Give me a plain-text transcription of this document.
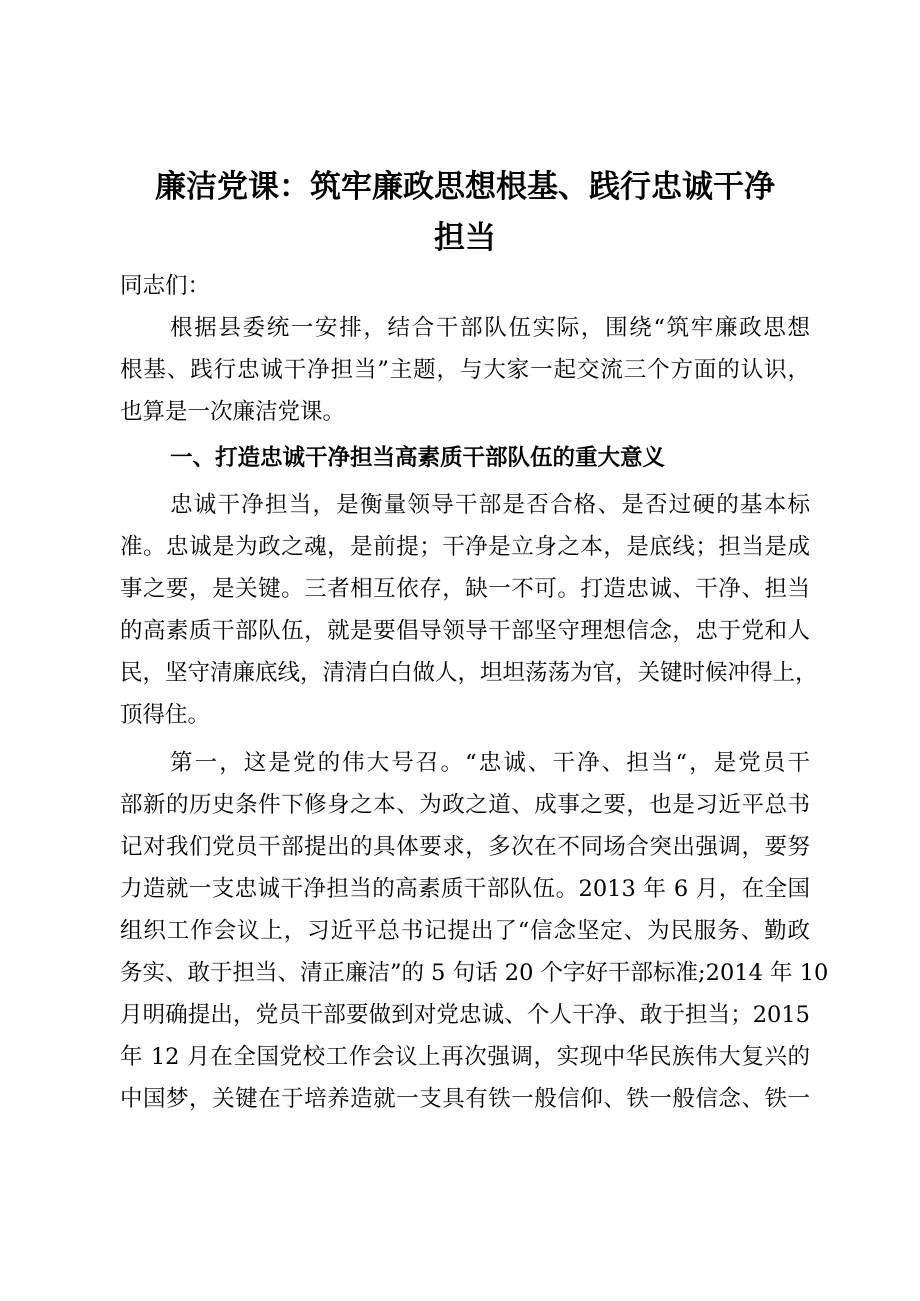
廉洁党课：筑牢廉政思想根基、践行忠诚干净
担当

同志们：

根据县委统一安排，结合干部队伍实际，围绕“筑牢廉政思想
根基、践行忠诚干净担当”主题，与大家一起交流三个方面的认识，
也算是一次廉洁党课。
一、打造忠诚干净担当高素质干部队伍的重大意义
忠诚干净担当，是衡量领导干部是否合格、是否过硬的基本标
准。忠诚是为政之魂，是前提；干净是立身之本，是底线；担当是成
事之要，是关键。三者相互依存，缺一不可。打造忠诚、干净、担当
的高素质干部队伍，就是要倡导领导干部坚守理想信念，忠于党和人
民，坚守清廉底线，清清白白做人，坦坦荡荡为官，关键时候冲得上，
顶得住。
第一，这是党的伟大号召。“忠诚、干净、担当“，是党员干
部新的历史条件下修身之本、为政之道、成事之要，也是习近平总书
记对我们党员干部提出的具体要求，多次在不同场合突出强调，要努
力造就一支忠诚干净担当的高素质干部队伍。2013 年 6 月，在全国
组织工作会议上，习近平总书记提出了“信念坚定、为民服务、勤政
务实、敢于担当、清正廉洁”的 5 句话 20 个字好干部标准;2014 年 10
月明确提出，党员干部要做到对党忠诚、个人干净、敢于担当；2015
年 12 月在全国党校工作会议上再次强调，实现中华民族伟大复兴的
中国梦，关键在于培养造就一支具有铁一般信仰、铁一般信念、铁一
